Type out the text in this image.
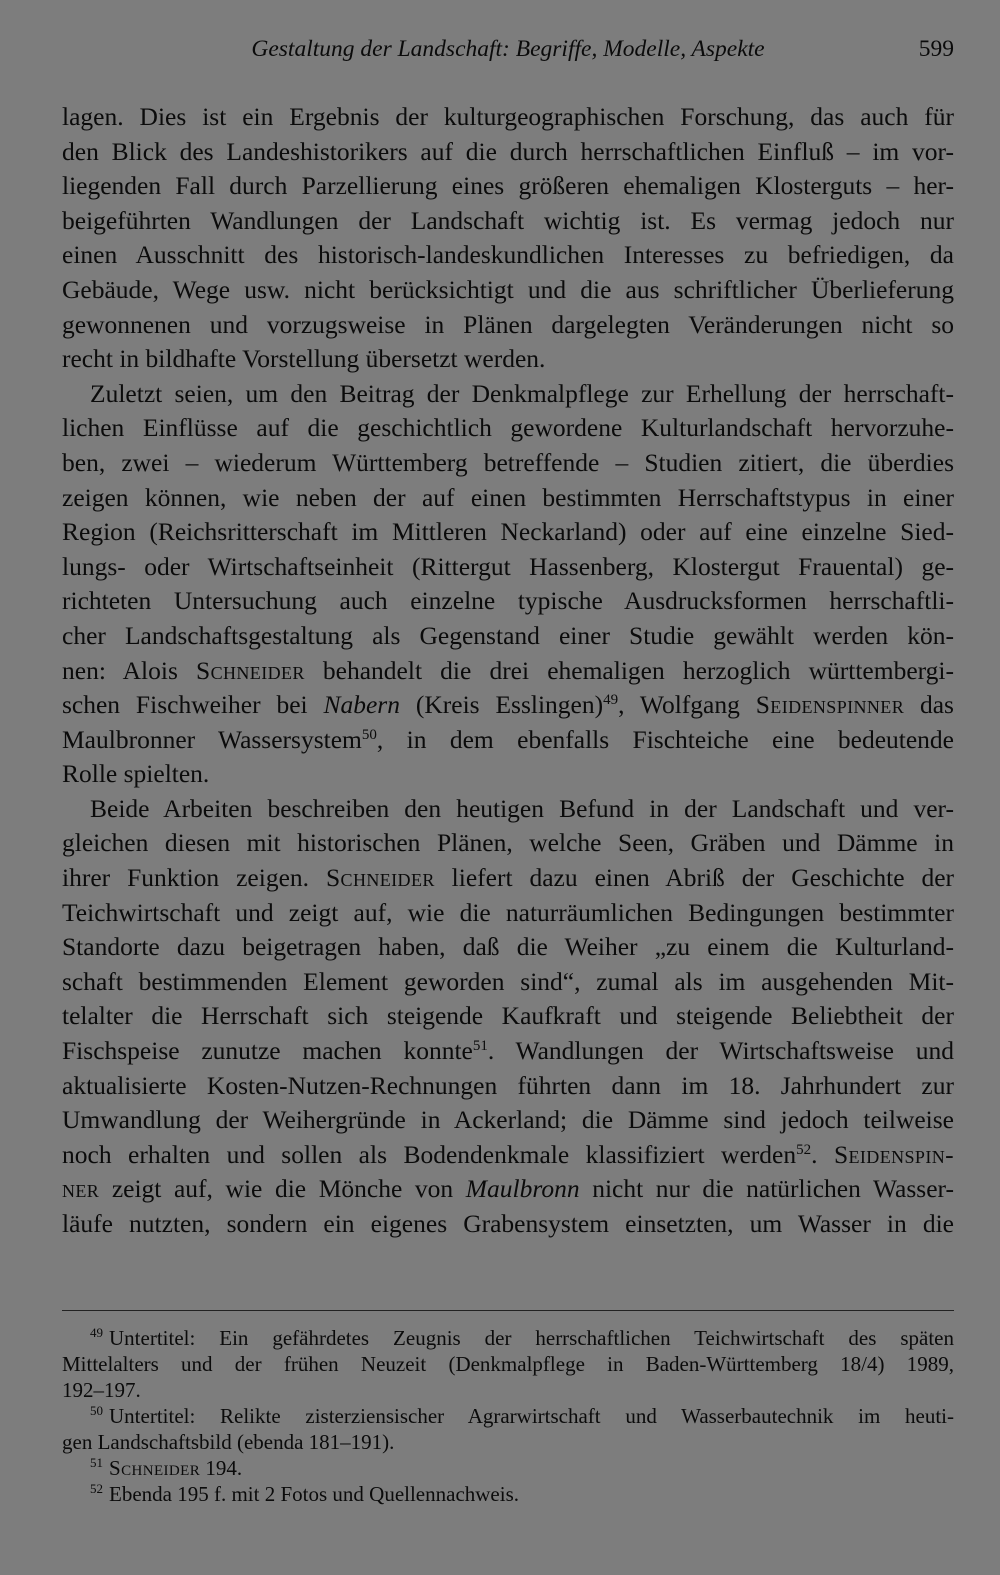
Gestaltung der Landschaft: Begriffe, Modelle, Aspekte	599

lagen. Dies ist ein Ergebnis der kulturgeographischen Forschung, das auch für
den Blick des Landeshistorikers auf die durch herrschaftlichen Einfluß – im vor-
liegenden Fall durch Parzellierung eines größeren ehemaligen Klosterguts – her-
beigeführten Wandlungen der Landschaft wichtig ist. Es vermag jedoch nur
einen Ausschnitt des historisch-landeskundlichen Interesses zu befriedigen, da
Gebäude, Wege usw. nicht berücksichtigt und die aus schriftlicher Überlieferung
gewonnenen und vorzugsweise in Plänen dargelegten Veränderungen nicht so
recht in bildhafte Vorstellung übersetzt werden.

Zuletzt seien, um den Beitrag der Denkmalpflege zur Erhellung der herrschaft-
lichen Einflüsse auf die geschichtlich gewordene Kulturlandschaft hervorzuhe-
ben, zwei – wiederum Württemberg betreffende – Studien zitiert, die überdies
zeigen können, wie neben der auf einen bestimmten Herrschaftstypus in einer
Region (Reichsritterschaft im Mittleren Neckarland) oder auf eine einzelne Sied-
lungs- oder Wirtschaftseinheit (Rittergut Hassenberg, Klostergut Frauental) ge-
richteten Untersuchung auch einzelne typische Ausdrucksformen herrschaftli-
cher Landschaftsgestaltung als Gegenstand einer Studie gewählt werden kön-
nen: Alois Schneider behandelt die drei ehemaligen herzoglich württembergi-
schen Fischweiher bei Nabern (Kreis Esslingen)$^{49}$, Wolfgang Seidenspinner das
Maulbronner Wassersystem$^{50}$, in dem ebenfalls Fischteiche eine bedeutende
Rolle spielten.

Beide Arbeiten beschreiben den heutigen Befund in der Landschaft und ver-
gleichen diesen mit historischen Plänen, welche Seen, Gräben und Dämme in
ihrer Funktion zeigen. Schneider liefert dazu einen Abriß der Geschichte der
Teichwirtschaft und zeigt auf, wie die naturräumlichen Bedingungen bestimmter
Standorte dazu beigetragen haben, daß die Weiher „zu einem die Kulturland-
schaft bestimmenden Element geworden sind“, zumal als im ausgehenden Mit-
telalter die Herrschaft sich steigende Kaufkraft und steigende Beliebtheit der
Fischspeise zunutze machen konnte$^{51}$. Wandlungen der Wirtschaftsweise und
aktualisierte Kosten-Nutzen-Rechnungen führten dann im 18. Jahrhundert zur
Umwandlung der Weihergründe in Ackerland; die Dämme sind jedoch teilweise
noch erhalten und sollen als Bodendenkmale klassifiziert werden$^{52}$. Seidenspin-
ner zeigt auf, wie die Mönche von Maulbronn nicht nur die natürlichen Wasser-
läufe nutzten, sondern ein eigenes Grabensystem einsetzten, um Wasser in die

$^{49}$ Untertitel: Ein gefährdetes Zeugnis der herrschaftlichen Teichwirtschaft des späten
Mittelalters und der frühen Neuzeit (Denkmalpflege in Baden-Württemberg 18/4) 1989,
192–197.
$^{50}$ Untertitel: Relikte zisterziensischer Agrarwirtschaft und Wasserbautechnik im heuti-
gen Landschaftsbild (ebenda 181–191).
$^{51}$ Schneider 194.
$^{52}$ Ebenda 195 f. mit 2 Fotos und Quellennachweis.
